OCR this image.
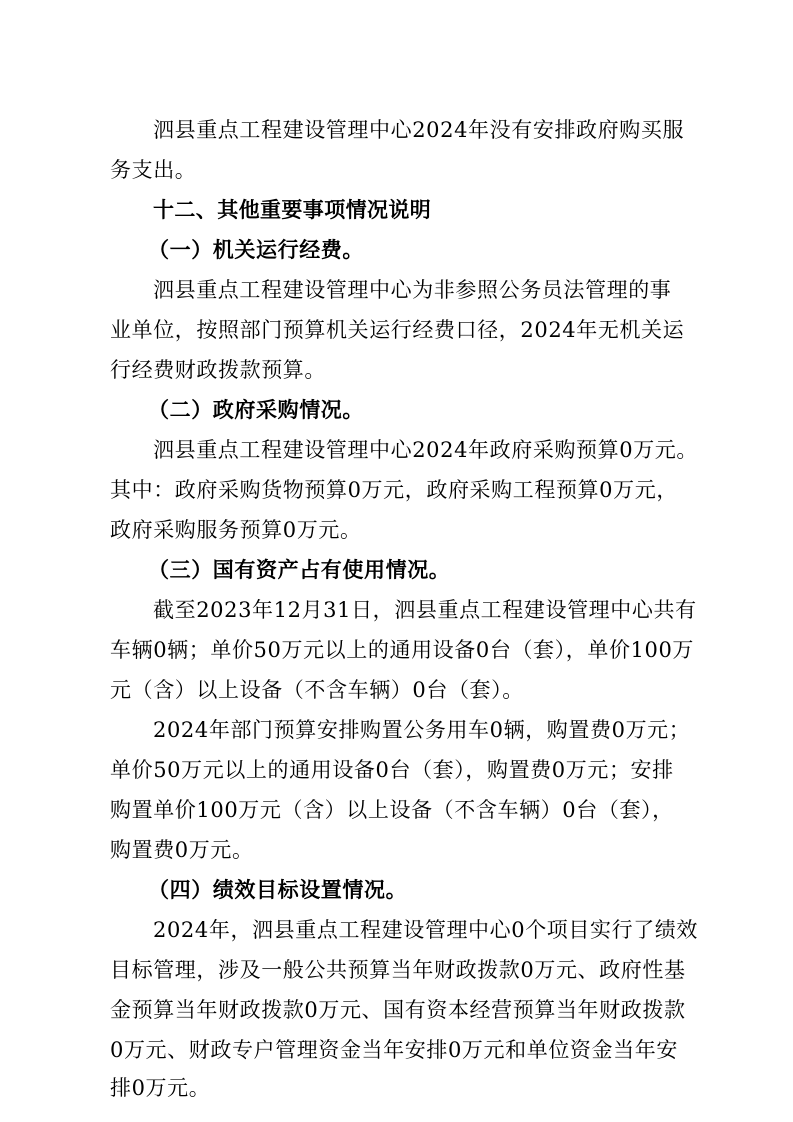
泗县重点工程建设管理中心2024年没有安排政府购买服
务支出。
十二、其他重要事项情况说明
（一）机关运行经费。
泗县重点工程建设管理中心为非参照公务员法管理的事
业单位，按照部门预算机关运行经费口径，2024年无机关运
行经费财政拨款预算。
（二）政府采购情况。
泗县重点工程建设管理中心2024年政府采购预算0万元。
其中：政府采购货物预算0万元，政府采购工程预算0万元，
政府采购服务预算0万元。
（三）国有资产占有使用情况。
截至2023年12月31日，泗县重点工程建设管理中心共有
车辆0辆；单价50万元以上的通用设备0台（套），单价100万
元（含）以上设备（不含车辆）0台（套）。
2024年部门预算安排购置公务用车0辆，购置费0万元；
单价50万元以上的通用设备0台（套），购置费0万元；安排
购置单价100万元（含）以上设备（不含车辆）0台（套），
购置费0万元。
（四）绩效目标设置情况。
2024年，泗县重点工程建设管理中心0个项目实行了绩效
目标管理，涉及一般公共预算当年财政拨款0万元、政府性基
金预算当年财政拨款0万元、国有资本经营预算当年财政拨款
0万元、财政专户管理资金当年安排0万元和单位资金当年安
排0万元。
